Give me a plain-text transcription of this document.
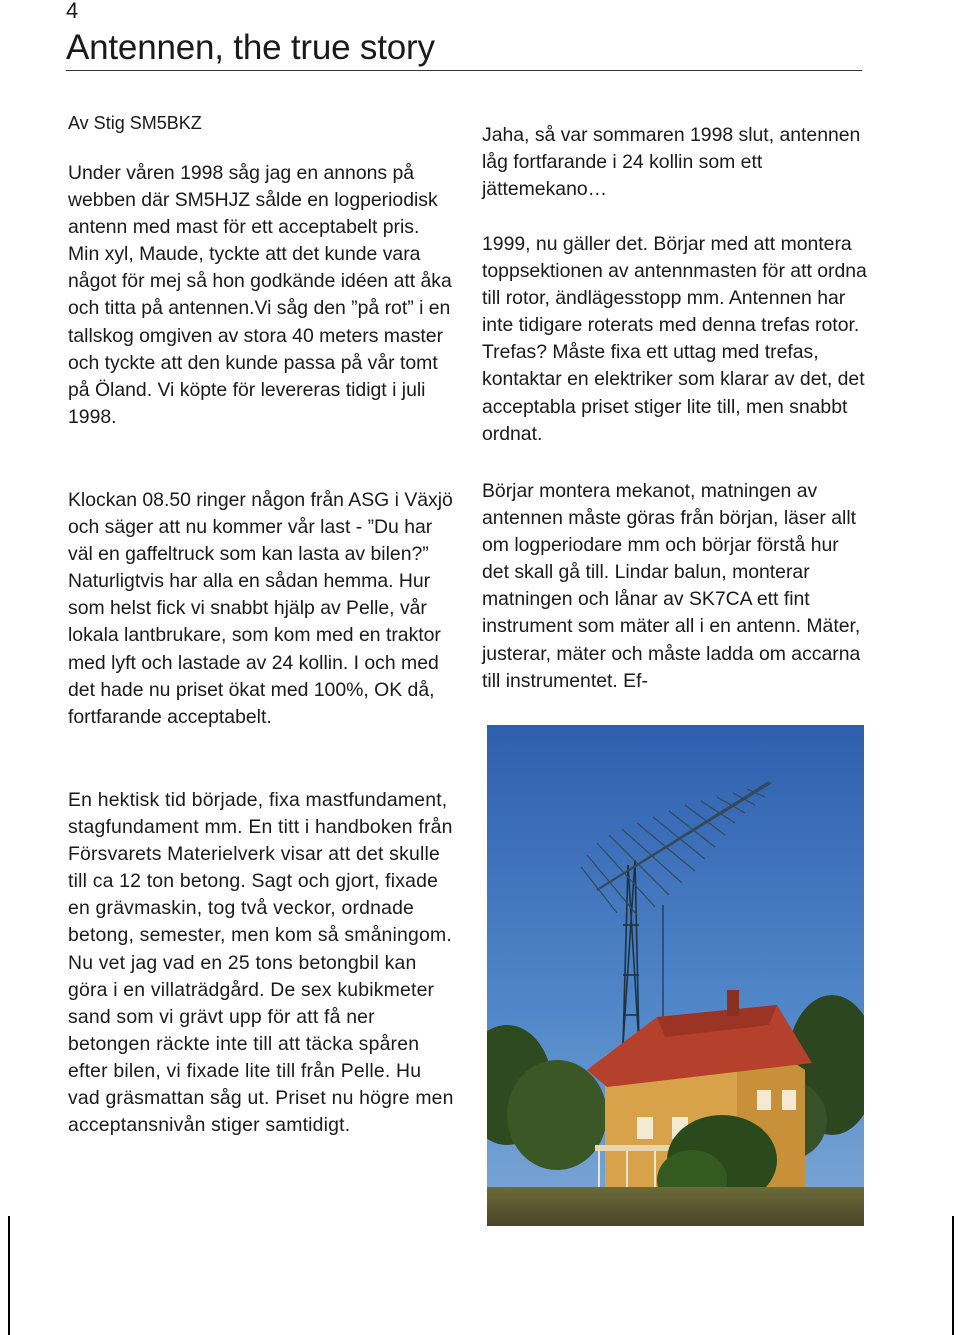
4
Antennen, the true story
Av Stig SM5BKZ

Under våren 1998 såg jag en annons på webben där SM5HJZ sålde en logperiodisk antenn med mast för ett acceptabelt pris. Min xyl, Maude, tyckte att det kunde vara något för mej så hon godkände idéen att åka och titta på antennen.Vi såg den ”på rot” i en tallskog omgiven av stora 40 meters master och tyckte att den kunde passa på vår tomt på Öland. Vi köpte för levereras tidigt i juli 1998.

Klockan 08.50 ringer någon från ASG i Växjö och säger att nu kommer vår last - ”Du har väl en gaffeltruck som kan lasta av bilen?” Naturligtvis har alla en sådan hemma. Hur som helst fick vi snabbt hjälp av Pelle, vår lokala lantbrukare, som kom med en traktor med lyft och lastade av 24 kollin. I och med det hade nu priset ökat med 100%, OK då, fortfarande acceptabelt.

En hektisk tid började, fixa mastfundament, stagfundament mm. En titt i handboken från Försvarets Materielverk visar att det skulle till ca 12 ton betong. Sagt och gjort, fixade en grävmaskin, tog två veckor, ordnade betong, semester, men kom så småningom. Nu vet jag vad en 25 tons betongbil kan göra i en villaträdgård. De sex kubikmeter sand som vi grävt upp för att få ner betongen räckte inte till att täcka spåren efter bilen, vi fixade lite till från Pelle. Hu vad gräsmattan såg ut. Priset nu högre men acceptansnivån stiger samtidigt.

Jaha, så var sommaren 1998 slut, antennen låg fortfarande i 24 kollin som ett jättemekano…

1999, nu gäller det. Börjar med att montera toppsektionen av antennmasten för att ordna till rotor, ändlägesstopp mm. Antennen har inte tidigare roterats med denna trefas rotor. Trefas? Måste fixa ett uttag med trefas, kontaktar en elektriker som klarar av det, det acceptabla priset stiger lite till, men snabbt ordnat.

Börjar montera mekanot, matningen av antennen måste göras från början, läser allt om logperiodare mm och börjar förstå hur det skall gå till. Lindar balun, monterar matningen och lånar av SK7CA ett fint instrument som mäter all i en antenn. Mäter, justerar, mäter och måste ladda om accarna till instrumentet. Ef-
